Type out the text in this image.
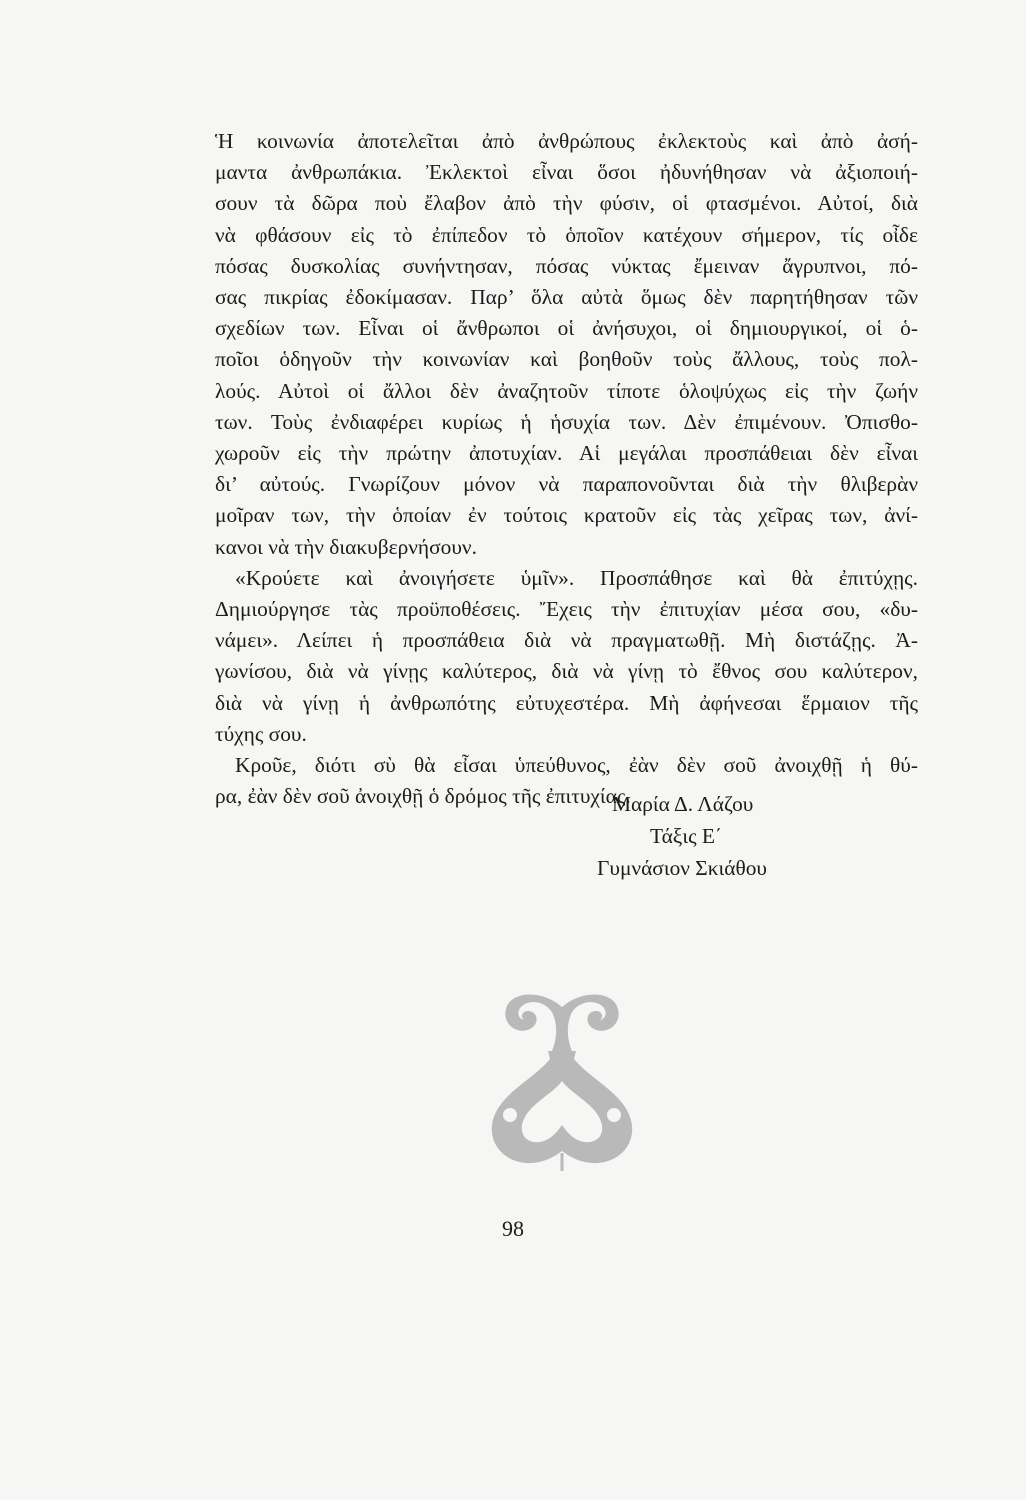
Ἡ κοινωνία ἀποτελεῖται ἀπὸ ἀνθρώπους ἐκλεκτοὺς καὶ ἀπὸ ἀσή-
μαντα ἀνθρωπάκια. Ἐκλεκτοὶ εἶναι ὅσοι ἠδυνήθησαν νὰ ἀξιοποιή-
σουν τὰ δῶρα ποὺ ἔλαβον ἀπὸ τὴν φύσιν, οἱ φτασμένοι. Αὐτοί, διὰ
νὰ φθάσουν εἰς τὸ ἐπίπεδον τὸ ὁποῖον κατέχουν σήμερον, τίς οἶδε
πόσας δυσκολίας συνήντησαν, πόσας νύκτας ἔμειναν ἄγρυπνοι, πό-
σας πικρίας ἐδοκίμασαν. Παρ’ ὅλα αὐτὰ ὅμως δὲν παρητήθησαν τῶν
σχεδίων των. Εἶναι οἱ ἄνθρωποι οἱ ἀνήσυχοι, οἱ δημιουργικοί, οἱ ὁ-
ποῖοι ὁδηγοῦν τὴν κοινωνίαν καὶ βοηθοῦν τοὺς ἄλλους, τοὺς πολ-
λούς. Αὐτοὶ οἱ ἄλλοι δὲν ἀναζητοῦν τίποτε ὁλοψύχως εἰς τὴν ζωήν
των. Τοὺς ἐνδιαφέρει κυρίως ἡ ἡσυχία των. Δὲν ἐπιμένουν. Ὀπισθο-
χωροῦν εἰς τὴν πρώτην ἀποτυχίαν. Αἱ μεγάλαι προσπάθειαι δὲν εἶναι
δι’ αὐτούς. Γνωρίζουν μόνον νὰ παραπονοῦνται διὰ τὴν θλιβερὰν
μοῖραν των, τὴν ὁποίαν ἐν τούτοις κρατοῦν εἰς τὰς χεῖρας των, ἀνί-
κανοι νὰ τὴν διακυβερνήσουν.
«Κρούετε καὶ ἀνοιγήσετε ὑμῖν». Προσπάθησε καὶ θὰ ἐπιτύχῃς.
Δημιούργησε τὰς προϋποθέσεις. Ἔχεις τὴν ἐπιτυχίαν μέσα σου, «δυ-
νάμει». Λείπει ἡ προσπάθεια διὰ νὰ πραγματωθῇ. Μὴ διστάζῃς. Ἀ-
γωνίσου, διὰ νὰ γίνῃς καλύτερος, διὰ νὰ γίνῃ τὸ ἔθνος σου καλύτερον,
διὰ νὰ γίνῃ ἡ ἀνθρωπότης εὐτυχεστέρα. Μὴ ἀφήνεσαι ἕρμαιον τῆς
τύχης σου.
Κροῦε, διότι σὺ θὰ εἶσαι ὑπεύθυνος, ἐὰν δὲν σοῦ ἀνοιχθῇ ἡ θύ-
ρα, ἐὰν δὲν σοῦ ἀνοιχθῇ ὁ δρόμος τῆς ἐπιτυχίας.
Μαρία Δ. Λάζου
Τάξις Ε΄
Γυμνάσιον Σκιάθου
98
